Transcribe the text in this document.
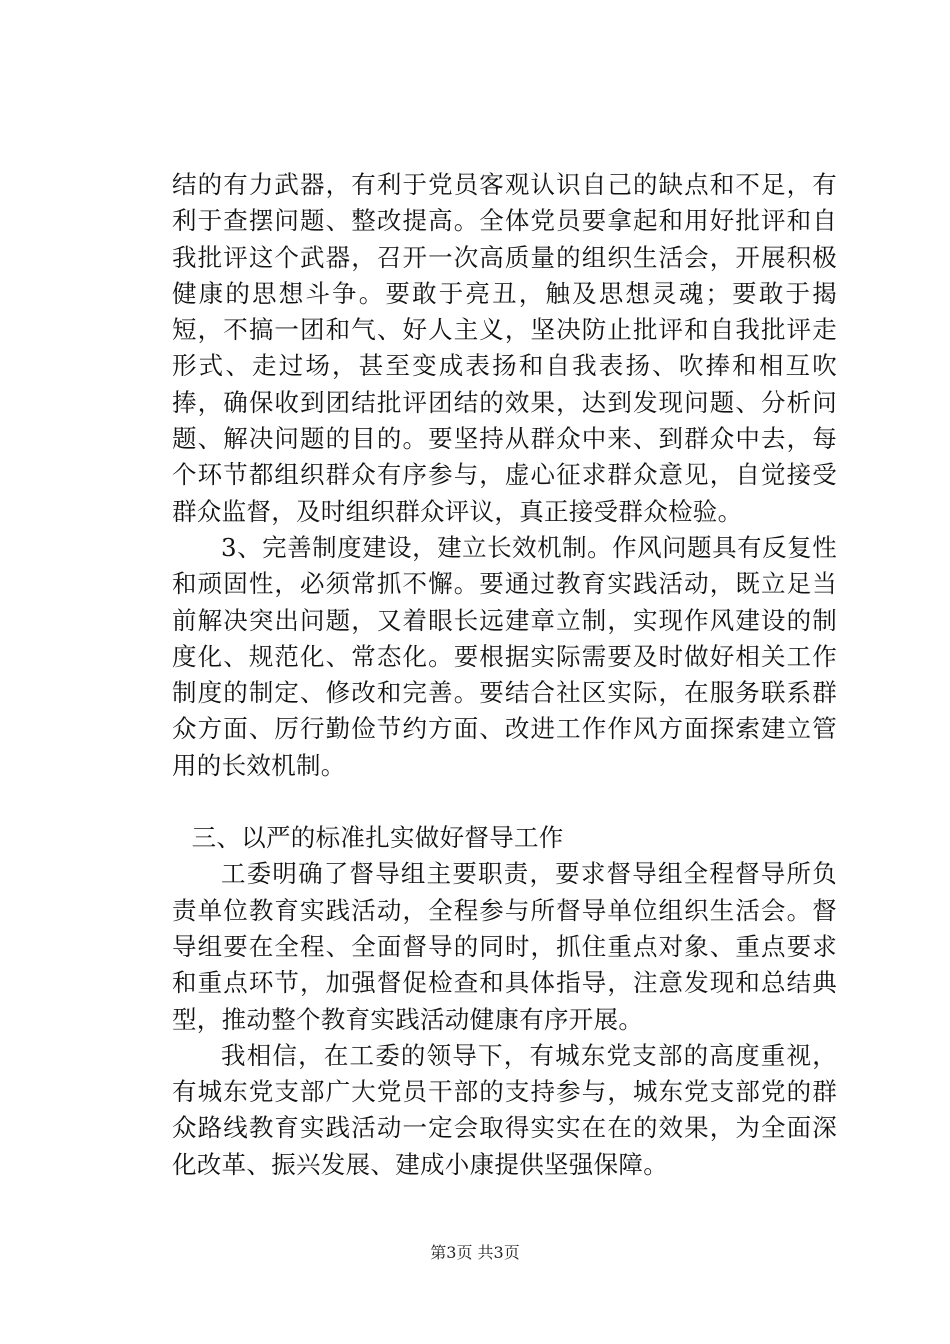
结的有力武器，有利于党员客观认识自己的缺点和不足，有利于查摆问题、整改提高。全体党员要拿起和用好批评和自我批评这个武器，召开一次高质量的组织生活会，开展积极健康的思想斗争。要敢于亮丑，触及思想灵魂；要敢于揭短，不搞一团和气、好人主义，坚决防止批评和自我批评走形式、走过场，甚至变成表扬和自我表扬、吹捧和相互吹捧，确保收到团结批评团结的效果，达到发现问题、分析问题、解决问题的目的。要坚持从群众中来、到群众中去，每个环节都组织群众有序参与，虚心征求群众意见，自觉接受群众监督，及时组织群众评议，真正接受群众检验。

3、完善制度建设，建立长效机制。作风问题具有反复性和顽固性，必须常抓不懈。要通过教育实践活动，既立足当前解决突出问题，又着眼长远建章立制，实现作风建设的制度化、规范化、常态化。要根据实际需要及时做好相关工作制度的制定、修改和完善。要结合社区实际，在服务联系群众方面、厉行勤俭节约方面、改进工作作风方面探索建立管用的长效机制。

三、以严的标准扎实做好督导工作

工委明确了督导组主要职责，要求督导组全程督导所负责单位教育实践活动，全程参与所督导单位组织生活会。督导组要在全程、全面督导的同时，抓住重点对象、重点要求和重点环节，加强督促检查和具体指导，注意发现和总结典型，推动整个教育实践活动健康有序开展。

我相信，在工委的领导下，有城东党支部的高度重视，有城东党支部广大党员干部的支持参与，城东党支部党的群众路线教育实践活动一定会取得实实在在的效果，为全面深化改革、振兴发展、建成小康提供坚强保障。

第3页 共3页
